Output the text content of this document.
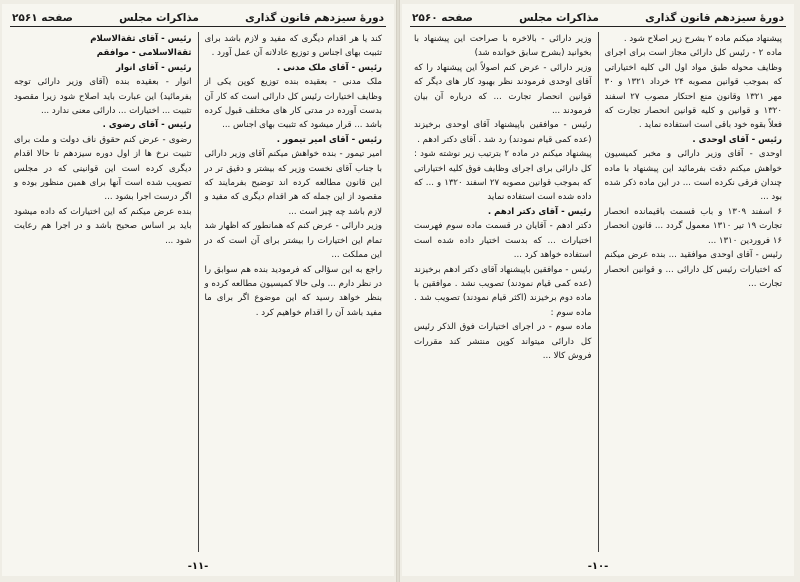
دورهٔ سیزدهم قانون گذاری
مذاکرات مجلس
صفحه ۲۵۶۱

کند یا هر اقدام دیگری که مفید و لازم باشد برای تثبیت بهای اجناس و توزیع عادلانه آن عمل آورد .

رئیس - آقای ملک مدنی .

ملک مدنی - بعقیده بنده توزیع کوپن یکی از وظایف اختیارات رئیس کل دارائی است که کار آن بدست آورده در مدتی کار های مختلف قبول کرده باشد ... قرار میشود که تثبیت بهای اجناس ...

رئیس - آقای امیر تیمور .

امیر تیمور - بنده خواهش میکنم آقای وزیر دارائی با جناب آقای نخست وزیر که بیشتر و دقیق تر در این قانون مطالعه کرده اند توضیح بفرمایند که مقصود از این جمله که هر اقدام دیگری که مفید و لازم باشد چه چیز است ...

وزیر دارائی - عرض کنم که همانطور که اظهار شد تمام این اختیارات را بیشتر برای آن است که در این مملکت ...

راجع به این سؤالی که فرمودید بنده هم سوابق را در نظر دارم ... ولی حالا کمیسیون مطالعه کرده و بنظر خواهد رسید که این موضوع اگر برای ما مفید باشد آن را اقدام خواهیم کرد .

رئیس - آقای ثقةالاسلام

ثقةالاسلامی - موافقم

رئیس - آقای انوار

انوار - بعقیده بنده (آقای وزیر دارائی توجه بفرمائید) این عبارت باید اصلاح شود زیرا مقصود تثبیت ... اختیارات ... دارائی معنی ندارد ...

رئیس - آقای رضوی .

رضوی - عرض کنم حقوق ناف دولت و ملت برای تثبیت نرخ ها از اول دوره سیزدهم تا حالا اقدام دیگری کرده است این قوانینی که در مجلس تصویب شده است آنها برای همین منظور بوده و اگر درست اجرا بشود ...

بنده عرض میکنم که این اختیارات که داده میشود باید بر اساس صحیح باشد و در اجرا هم رعایت شود ...

-۱۱-
دورهٔ سیزدهم قانون گذاری
مذاکرات مجلس
صفحه ۲۵۶۰

پیشنهاد میکنم ماده ۲ بشرح زیر اصلاح شود .

ماده ۲ - رئیس کل دارائی مجاز است برای اجرای وظایف محوله طبق مواد اول الی کلیه اختیاراتی که بموجب قوانین مصوبه ۲۴ خرداد ۱۳۲۱ و ۳۰ مهر ۱۳۲۱ وقانون منع احتکار مصوب ۲۷ اسفند ۱۳۲۰ و قوانین و کلیه قوانین انحصار تجارت که فعلاً بقوه خود باقی است استفاده نماید .

رئیس - آقای اوحدی .

اوحدی - آقای وزیر دارائی و مخبر کمیسیون خواهش میکنم دقت بفرمائید این پیشنهاد با ماده چندان فرقی نکرده است ... در این ماده ذکر شده بود ...

۶ اسفند ۱۳۰۹ و باب قسمت باقیمانده انحصار تجارت ۱۹ تیر ۱۳۱۰ معمول گردد ... قانون انحصار ۱۶ فروردین ۱۳۱۰ ...

رئیس - آقای اوحدی موافقید ... بنده عرض میکنم که اختیارات رئیس کل دارائی ... و قوانین انحصار تجارت ...

وزیر دارائی - بالاخره با صراحت این پیشنهاد با بخوانید (بشرح سابق خوانده شد)

وزیر دارائی - عرض کنم اصولاً این پیشنهاد را که آقای اوحدی فرمودند نظر بهبود کار های دیگر که قوانین انحصار تجارت ... که درباره آن بیان فرمودند ...

رئیس - موافقین باپیشنهاد آقای اوحدی برخیزند (عده کمی قیام نمودند) رد شد . آقای دکتر ادهم .

پیشنهاد میکنم در ماده ۲ بترتیب زیر نوشته شود : کل دارائی برای اجرای وظایف فوق کلیه اختیاراتی که بموجب قوانین مصوبه ۲۷ اسفند ۱۳۲۰ و ... که داده شده است استفاده نماید

رئیس - آقای دکتر ادهم .

دکتر ادهم - آقایان در قسمت ماده سوم فهرست اختیارات ... که بدست اختیار داده شده است استفاده خواهد کرد ...

رئیس - موافقین باپیشنهاد آقای دکتر ادهم برخیزند (عده کمی قیام نمودند) تصویب نشد . موافقین با ماده دوم برخیزند (اکثر قیام نمودند) تصویب شد . ماده سوم :

ماده سوم - در اجرای اختیارات فوق الذکر رئیس کل دارائی میتواند کوپن منتشر کند مقررات فروش کالا ...

-۱۰-
